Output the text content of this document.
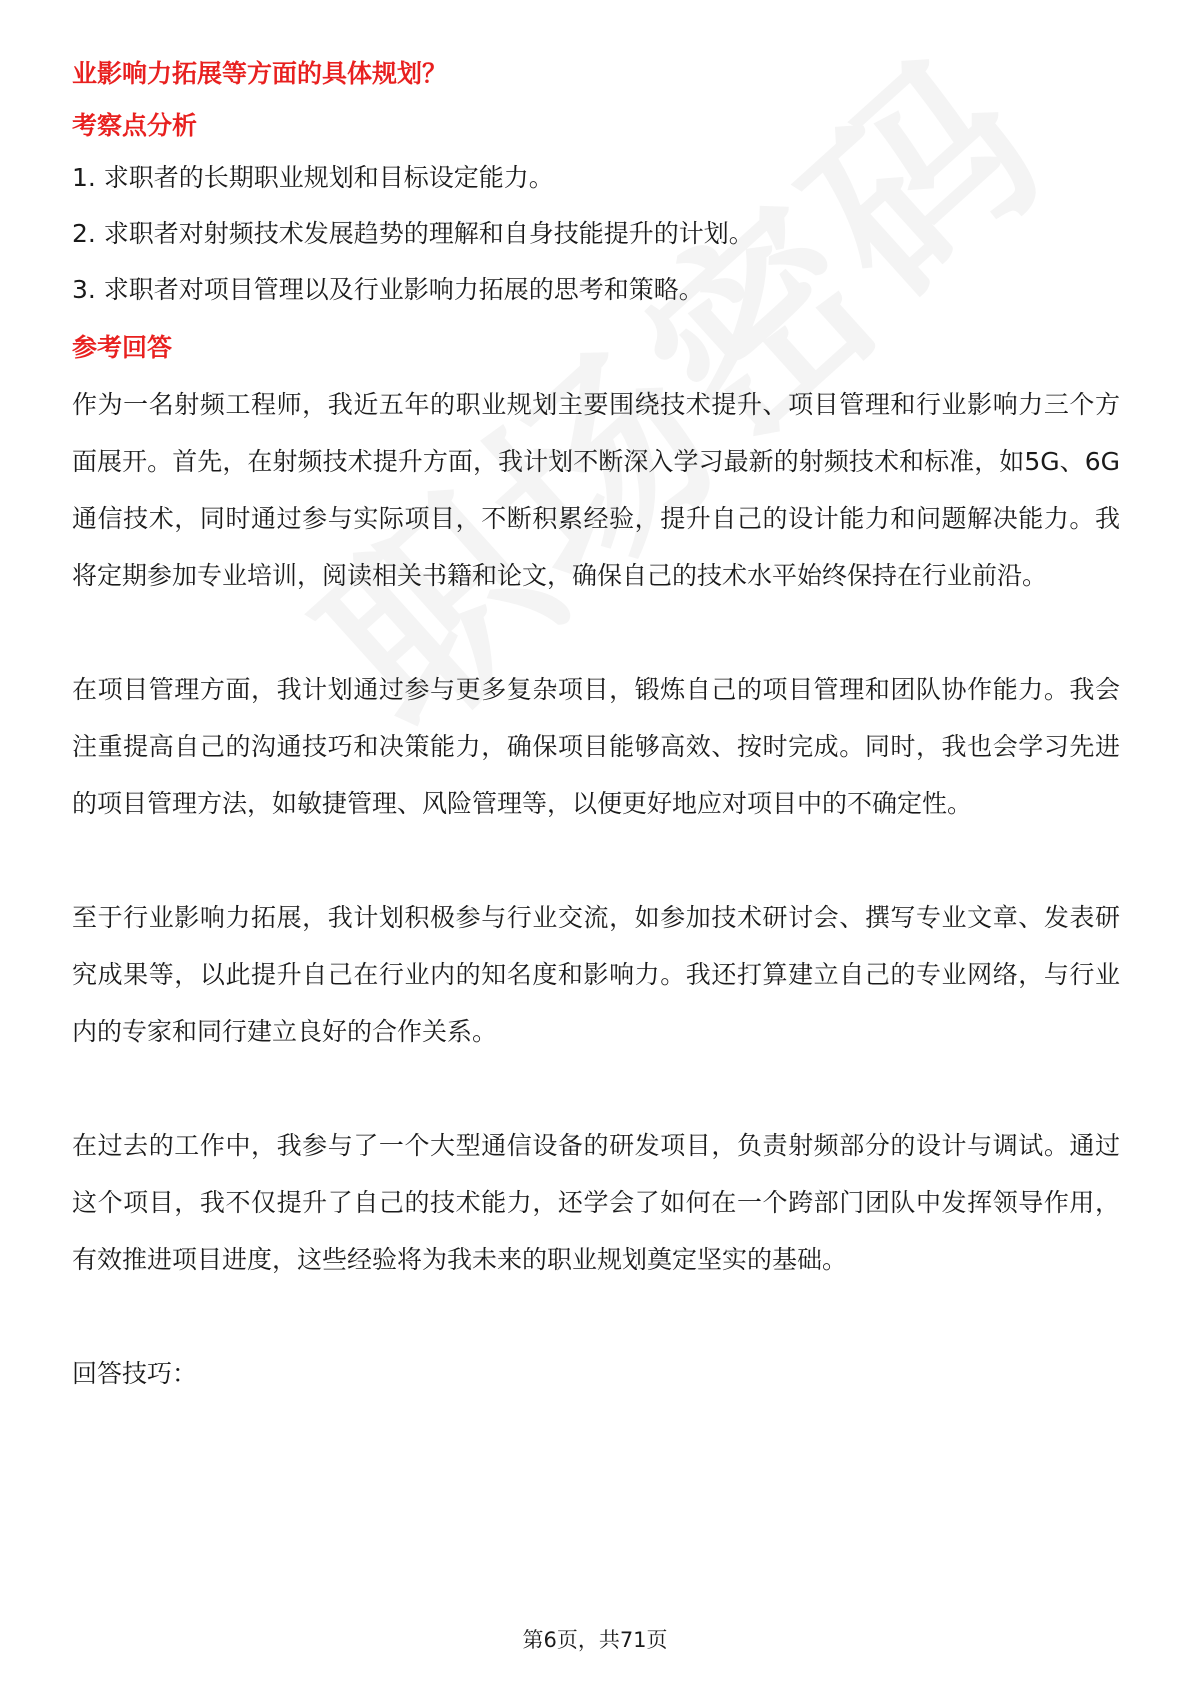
业影响力拓展等方面的具体规划？

考察点分析

1. 求职者的长期职业规划和目标设定能力。

2. 求职者对射频技术发展趋势的理解和自身技能提升的计划。

3. 求职者对项目管理以及行业影响力拓展的思考和策略。

参考回答

作为一名射频工程师，我近五年的职业规划主要围绕技术提升、项目管理和行业影响力三个方面展开。首先，在射频技术提升方面，我计划不断深入学习最新的射频技术和标准，如5G、6G通信技术，同时通过参与实际项目，不断积累经验，提升自己的设计能力和问题解决能力。我将定期参加专业培训，阅读相关书籍和论文，确保自己的技术水平始终保持在行业前沿。

在项目管理方面，我计划通过参与更多复杂项目，锻炼自己的项目管理和团队协作能力。我会注重提高自己的沟通技巧和决策能力，确保项目能够高效、按时完成。同时，我也会学习先进的项目管理方法，如敏捷管理、风险管理等，以便更好地应对项目中的不确定性。

至于行业影响力拓展，我计划积极参与行业交流，如参加技术研讨会、撰写专业文章、发表研究成果等，以此提升自己在行业内的知名度和影响力。我还打算建立自己的专业网络，与行业内的专家和同行建立良好的合作关系。

在过去的工作中，我参与了一个大型通信设备的研发项目，负责射频部分的设计与调试。通过这个项目，我不仅提升了自己的技术能力，还学会了如何在一个跨部门团队中发挥领导作用，有效推进项目进度，这些经验将为我未来的职业规划奠定坚实的基础。

回答技巧：

第6页，共71页
